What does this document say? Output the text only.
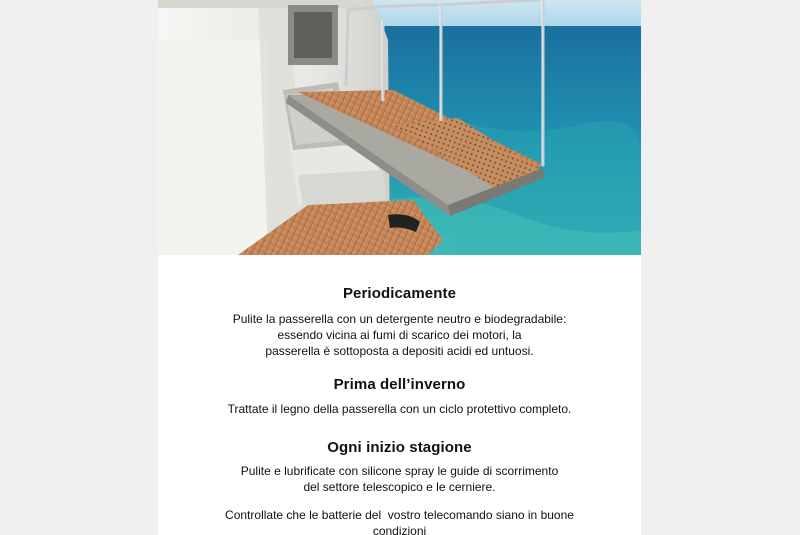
Periodicamente

Pulite la passerella con un detergente neutro e biodegradabile:
essendo vicina ai fumi di scarico dei motori, la
passerella è sottoposta a depositi acidi ed untuosi.

Prima dell’inverno

Trattate il legno della passerella con un ciclo protettivo completo.

Ogni inizio stagione

Pulite e lubrificate con silicone spray le guide di scorrimento
del settore telescopico e le cerniere.

Controllate che le batterie del  vostro telecomando siano in buone
condizioni
